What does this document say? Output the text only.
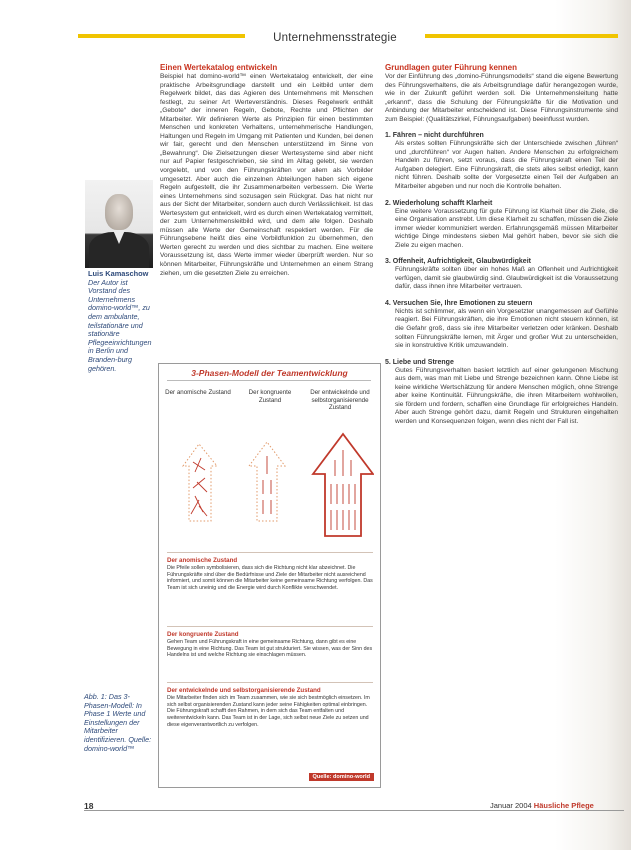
Unternehmensstrategie
Luis Kamaschow
Der Autor ist Vorstand des Unternehmens domino-world™, zu dem ambulante, teilstationäre und stationäre Pflegeeinrichtungen in Berlin und Branden-burg gehören.
Abb. 1: Das 3-Phasen-Modell: In Phase 1 Werte und Einstellungen der Mitarbeiter identifizieren. Quelle: domino-world™

Einen Wertekatalog entwickeln

Beispiel hat domino-world™ einen Wertekatalog entwickelt, der eine praktische Arbeitsgrundlage darstellt und ein Leitbild unter dem Regelwerk bildet, das das Agieren des Unternehmens mit Menschen festlegt, zu seiner Art Werteverständnis. Dieses Regelwerk enthält „Gebote“ der inneren Regeln, Gebote, Rechte und Pflichten der Mitarbeiter. Wir definieren Werte als Prinzipien für einen bestimmten Menschen und konkreten Verhaltens, unternehmerische Handlungen, Haltungen und Regeln im Umgang mit Patienten und Kunden, bei denen wir fair, gerecht und den Menschen unterstützend im Sinne von „Bewahrung“. Die Zielsetzungen dieser Wertesysteme sind aber nicht nur auf Papier festgeschrieben, sie sind im Alltag gelebt, sie werden vorgelebt, und von den Führungskräften vor allem als Vorbilder umgesetzt. Aber auch die einzelnen Abteilungen haben sich eigene Regeln aufgestellt, die ihr Zusammenarbeiten verbessern. Die Werte eines Unternehmens sind sozusagen sein Rückgrat. Das hat nicht nur aus der Sicht der Mitarbeiter, sondern auch durch Verlässlichkeit. Ist das Wertesystem gut entwickelt, wird es durch einen Wertekatalog vermittelt, der zum Unternehmensleitbild wird, und dem alle folgen. Deshalb müssen alle Werte der Gemeinschaft respektiert werden. Für die Führungsebene heißt dies eine Vorbildfunktion zu übernehmen, den Werten gerecht zu werden und dies sichtbar zu machen. Eine weitere Voraussetzung ist, dass Werte immer wieder überprüft werden. Nur so können Mitarbeiter, Führungskräfte und Unternehmen an einem Strang ziehen, um die gesetzten Ziele zu erreichen.

3-Phasen-Modell der Teamentwicklung
Der anomische Zustand	Der kongruente Zustand
Der entwickelnde und selbstorganisierende Zustand
Der anomische Zustand
Die Pfeile sollen symbolisieren, dass sich die Richtung nicht klar abzeichnet. Die Führungskräfte sind über die Bedürfnisse und Ziele der Mitarbeiter nicht ausreichend informiert, und somit können die Mitarbeiter keine gemeinsame Richtung verfolgen. Das Team ist sich uneinig und die Energie wird durch Konflikte verschwendet.
Der kongruente Zustand
Gehen Team und Führungskraft in eine gemeinsame Richtung, dann gibt es eine Bewegung in eine Richtung. Das Team ist gut strukturiert. Sie wissen, was der Sinn des Handelns ist und welche Richtung sie einschlagen müssen.
Der entwickelnde und selbstorganisierende Zustand
Die Mitarbeiter finden sich im Team zusammen, wie sie sich bestmöglich einsetzen. Im sich selbst organisierenden Zustand kann jeder seine Fähigkeiten optimal einbringen. Die Führungskraft schafft den Rahmen, in dem sich das Team entfalten und weiterentwickeln kann. Das Team ist in der Lage, sich selbst neue Ziele zu setzen und diese eigenverantwortlich zu verfolgen.
Quelle: domino-world

Grundlagen guter Führung kennen

Vor der Einführung des „domino-Führungsmodells“ stand die eigene Bewertung des Führungsverhaltens, die als Arbeitsgrundlage dafür herangezogen wurde, wie in der Zukunft geführt werden soll. Die Unternehmensleitung hatte „erkannt“, dass die Schulung der Führungskräfte für die Motivation und Anbindung der Mitarbeiter entscheidend ist. Diese Führungsinstrumente sind zum Beispiel: (Qualitätszirkel, Führungsaufgaben) beeinflusst wurden.

1. Fähren – nicht durchführen

Als erstes sollten Führungskräfte sich der Unterschiede zwischen „führen“ und „durchführen“ vor Augen halten. Andere Menschen zu erfolgreichem Handeln zu führen, setzt voraus, dass die Führungskraft einen Teil der Aufgaben delegiert. Eine Führungskraft, die stets alles selbst erledigt, kann nicht führen. Deshalb sollte der Vorgesetzte einen Teil der Aufgaben an Mitarbeiter abgeben und nur noch die Kontrolle behalten.

2. Wiederholung schafft Klarheit

Eine weitere Voraussetzung für gute Führung ist Klarheit über die Ziele, die eine Organisation anstrebt. Um diese Klarheit zu schaffen, müssen die Ziele immer wieder kommuniziert werden. Erfahrungsgemäß müssen Mitarbeiter wichtige Dinge mindestens sieben Mal gehört haben, bevor sie sich die Ziele zu eigen machen.

3. Offenheit, Aufrichtigkeit, Glaubwürdigkeit

Führungskräfte sollten über ein hohes Maß an Offenheit und Aufrichtigkeit verfügen, damit sie glaubwürdig sind. Glaubwürdigkeit ist die Voraussetzung dafür, dass ihnen ihre Mitarbeiter vertrauen.

4. Versuchen Sie, Ihre Emotionen zu steuern

Nichts ist schlimmer, als wenn ein Vorgesetzter unangemessen auf Gefühle reagiert. Bei Führungskräften, die ihre Emotionen nicht steuern können, ist die Gefahr groß, dass sie ihre Mitarbeiter verletzen oder kränken. Deshalb sollten Führungskräfte lernen, mit Ärger und großer Wut zu unterscheiden, sie in konstruktive Kritik umzuwandeln.

5. Liebe und Strenge

Gutes Führungsverhalten basiert letztlich auf einer gelungenen Mischung aus dem, was man mit Liebe und Strenge bezeichnen kann. Ohne Liebe ist keine wirkliche Wertschätzung für andere Menschen möglich, ohne Strenge aber keine Kontinuität. Führungskräfte, die ihren Mitarbeitern wohlwollen, sie fördern und fordern, schaffen eine Grundlage für erfolgreiches Handeln. Aber auch Strenge gehört dazu, damit Regeln und Strukturen eingehalten werden und Konsequenzen folgen, wenn dies nicht der Fall ist.

18	Januar 2004 Häusliche Pflege
